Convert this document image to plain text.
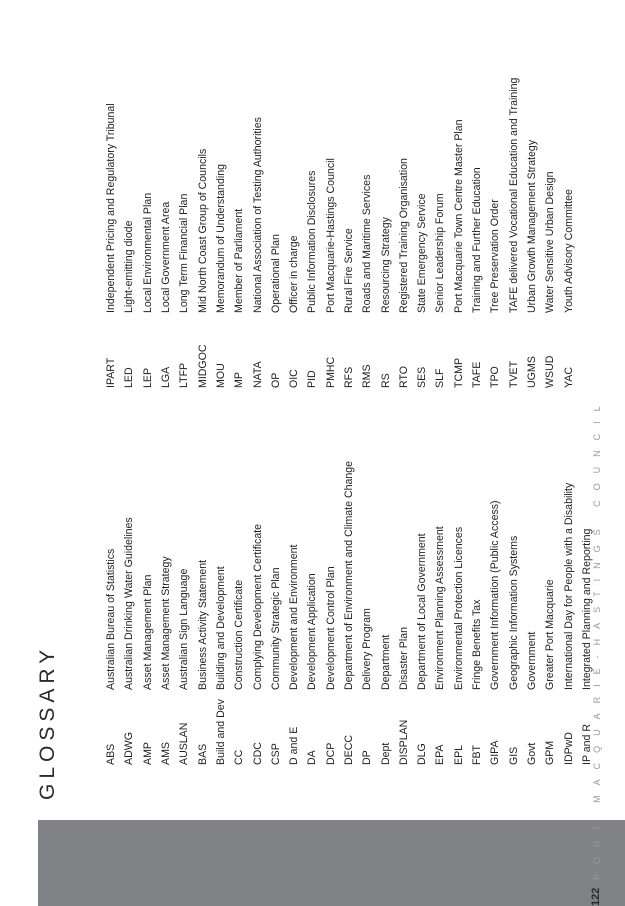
GLOSSARY
122
PORT MACQUARIE-HASTINGS COUNCIL
ABS
Australian Bureau of Statistics
ADWG
Australian Drinking Water Guidelines
AMP
Asset Management Plan
AMS
Asset Management Strategy
AUSLAN
Australian Sign Language
BAS
Business Activity Statement
Build and Dev
Building and Development
CC
Construction Certificate
CDC
Complying Development Certificate
CSP
Community Strategic Plan
D and E
Development and Environment
DA
Development Application
DCP
Development Control Plan
DECC
Department of Environment and Climate Change
DP
Delivery Program
Dept
Department
DISPLAN
Disaster Plan
DLG
Department of Local Government
EPA
Environment Planning Assessment
EPL
Environmental Protection Licences
FBT
Fringe Benefits Tax
GIPA
Government Information (Public Access)
GIS
Geographic Information Systems
Govt
Government
GPM
Greater Port Macquarie
IDPwD
International Day for People with a Disability
IP and R
Integrated Planning and Reporting
IPART
Independent Pricing and Regulatory Tribunal
LED
Light-emitting diode
LEP
Local Environmental Plan
LGA
Local Government Area
LTFP
Long Term Financial Plan
MIDGOC
Mid North Coast Group of Councils
MOU
Memorandum of Understanding
MP
Member of Parliament
NATA
National Association of Testing Authorities
OP
Operational Plan
OIC
Officer in charge
PID
Public Information Disclosures
PMHC
Port Macquarie-Hastings Council
RFS
Rural Fire Service
RMS
Roads and Maritime Services
RS
Resourcing Strategy
RTO
Registered Training Organisation
SES
State Emergency Service
SLF
Senior Leadership Forum
TCMP
Port Macquarie Town Centre Master Plan
TAFE
Training and Further Education
TPO
Tree Preservation Order
TVET
TAFE delivered Vocational Education and Training
UGMS
Urban Growth Management Strategy
WSUD
Water Sensitive Urban Design
YAC
Youth Advisory Committee
